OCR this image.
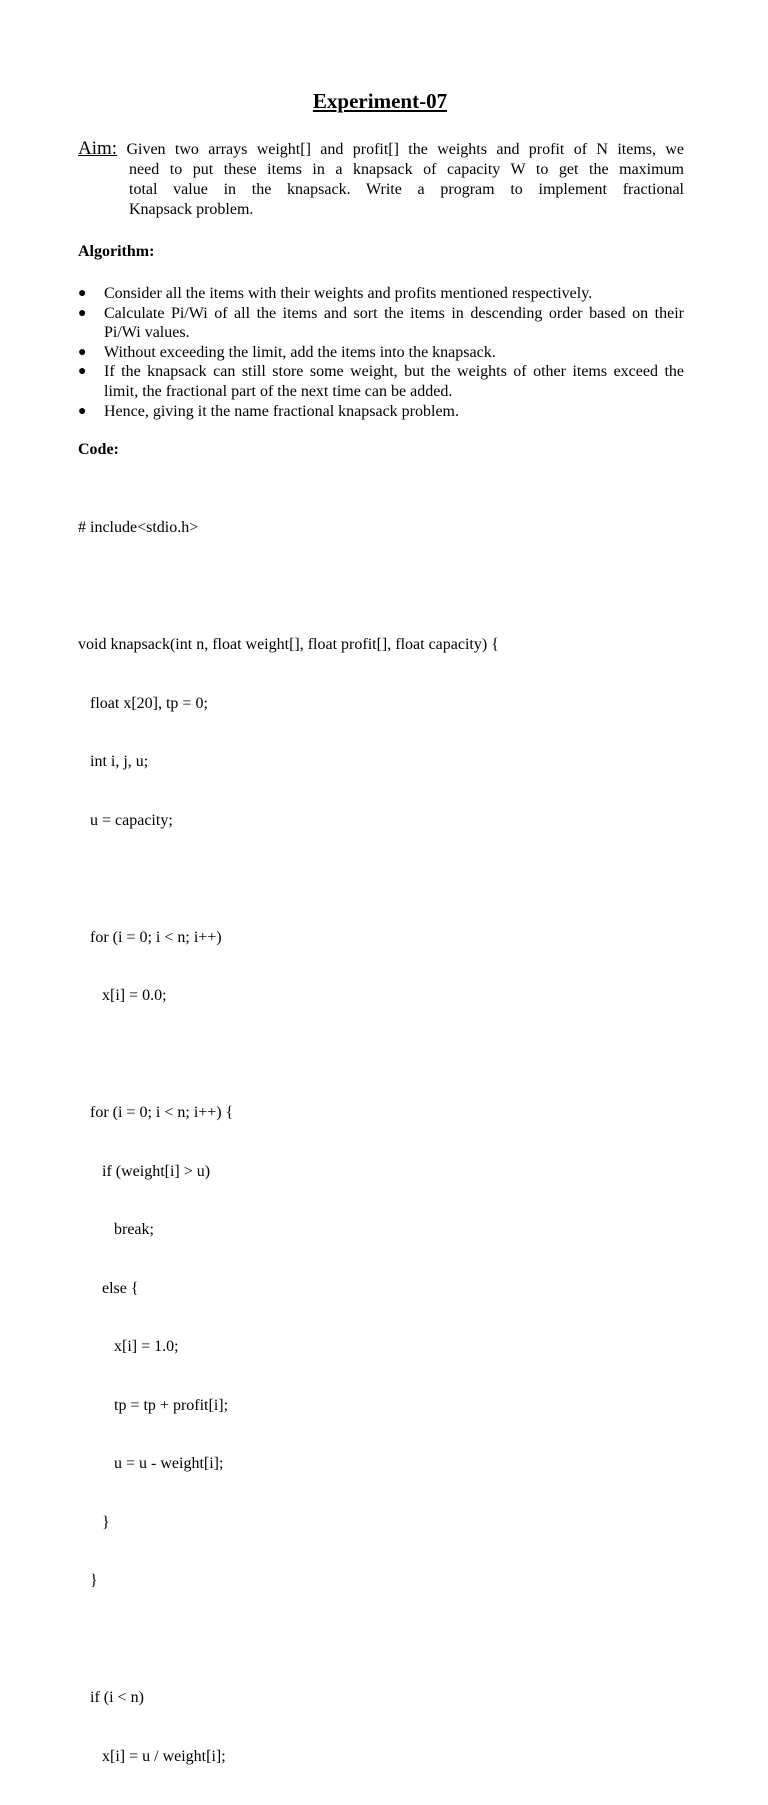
Experiment-07
Aim: Given two arrays weight[] and profit[] the weights and profit of N items, we
need to put these items in a knapsack of capacity W to get the maximum
total value in the knapsack. Write a program to implement fractional
Knapsack problem.
Algorithm:
● Consider all the items with their weights and profits mentioned respectively.
● Calculate Pi/Wi of all the items and sort the items in descending order based on their Pi/Wi values.
● Without exceeding the limit, add the items into the knapsack.
● If the knapsack can still store some weight, but the weights of other items exceed the limit, the fractional part of the next time can be added.
● Hence, giving it the name fractional knapsack problem.
Code:

# include<stdio.h>

void knapsack(int n, float weight[], float profit[], float capacity) {

float x[20], tp = 0;

int i, j, u;

u = capacity;

for (i = 0; i < n; i++)

x[i] = 0.0;

for (i = 0; i < n; i++) {

if (weight[i] > u)

break;

else {

x[i] = 1.0;

tp = tp + profit[i];

u = u - weight[i];

}

}

if (i < n)

x[i] = u / weight[i];
